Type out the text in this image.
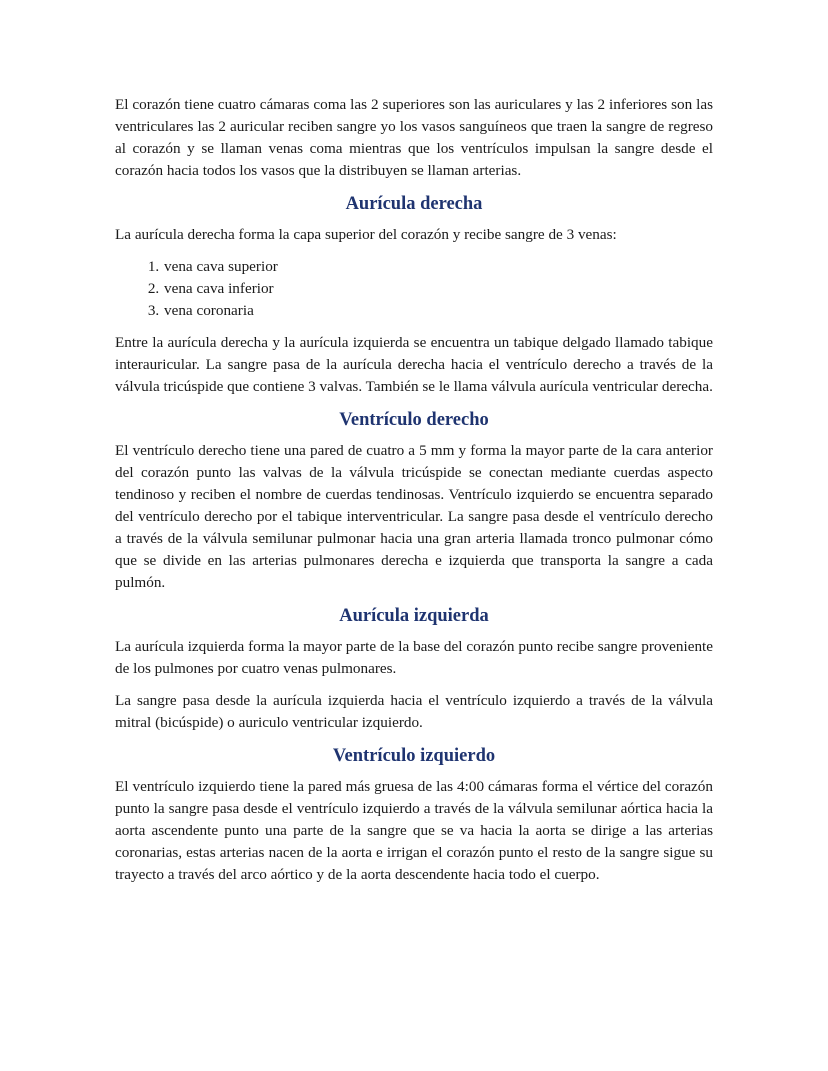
El corazón tiene cuatro cámaras coma las 2 superiores son las auriculares y las 2 inferiores son las ventriculares las 2 auricular reciben sangre yo los vasos sanguíneos que traen la sangre de regreso al corazón y se llaman venas coma mientras que los ventrículos impulsan la sangre desde el corazón hacia todos los vasos que la distribuyen se llaman arterias.

Aurícula derecha

La aurícula derecha forma la capa superior del corazón y recibe sangre de 3 venas:

1. vena cava superior
2. vena cava inferior
3. vena coronaria

Entre la aurícula derecha y la aurícula izquierda se encuentra un tabique delgado llamado tabique interauricular. La sangre pasa de la aurícula derecha hacia el ventrículo derecho a través de la válvula tricúspide que contiene 3 valvas. También se le llama válvula aurícula ventricular derecha.

Ventrículo derecho

El ventrículo derecho tiene una pared de cuatro a 5 mm y forma la mayor parte de la cara anterior del corazón punto las valvas de la válvula tricúspide se conectan mediante cuerdas aspecto tendinoso y reciben el nombre de cuerdas tendinosas. Ventrículo izquierdo se encuentra separado del ventrículo derecho por el tabique interventricular. La sangre pasa desde el ventrículo derecho a través de la válvula semilunar pulmonar hacia una gran arteria llamada tronco pulmonar cómo que se divide en las arterias pulmonares derecha e izquierda que transporta la sangre a cada pulmón.

Aurícula izquierda

La aurícula izquierda forma la mayor parte de la base del corazón punto recibe sangre proveniente de los pulmones por cuatro venas pulmonares.

La sangre pasa desde la aurícula izquierda hacia el ventrículo izquierdo a través de la válvula mitral (bicúspide) o auriculo ventricular izquierdo.

Ventrículo izquierdo

El ventrículo izquierdo tiene la pared más gruesa de las 4:00 cámaras forma el vértice del corazón punto la sangre pasa desde el ventrículo izquierdo a través de la válvula semilunar aórtica hacia la aorta ascendente punto una parte de la sangre que se va hacia la aorta se dirige a las arterias coronarias, estas arterias nacen de la aorta e irrigan el corazón punto el resto de la sangre sigue su trayecto a través del arco aórtico y de la aorta descendente hacia todo el cuerpo.
